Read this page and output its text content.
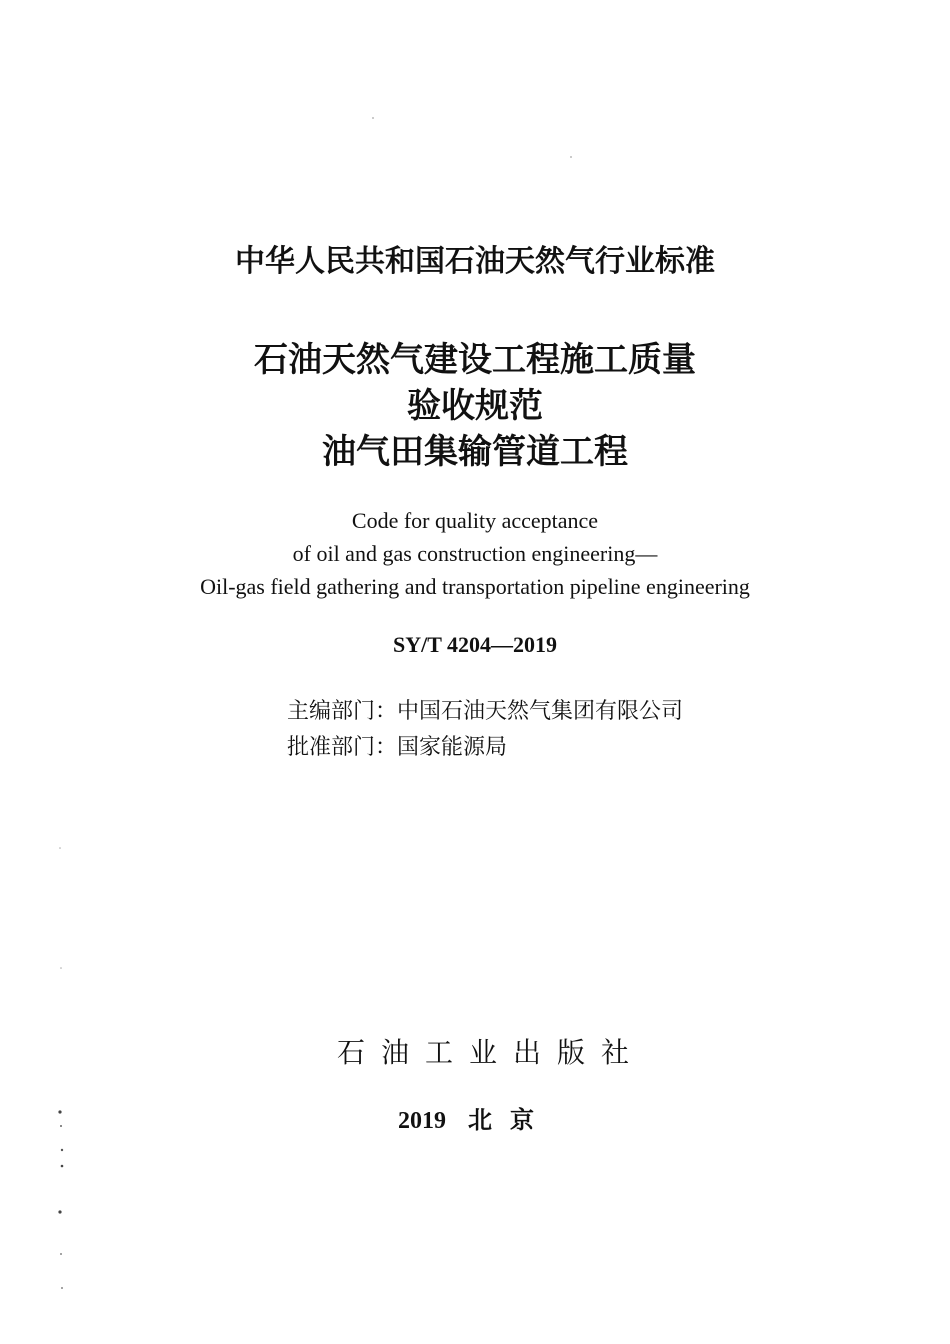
中华人民共和国石油天然气行业标准
石油天然气建设工程施工质量
验收规范
油气田集输管道工程
Code for quality acceptance
of oil and gas construction engineering—
Oil-gas field gathering and transportation pipeline engineering
SY/T 4204—2019
主编部门：中国石油天然气集团有限公司
批准部门：国家能源局
石油工业出版社
2019 北京
